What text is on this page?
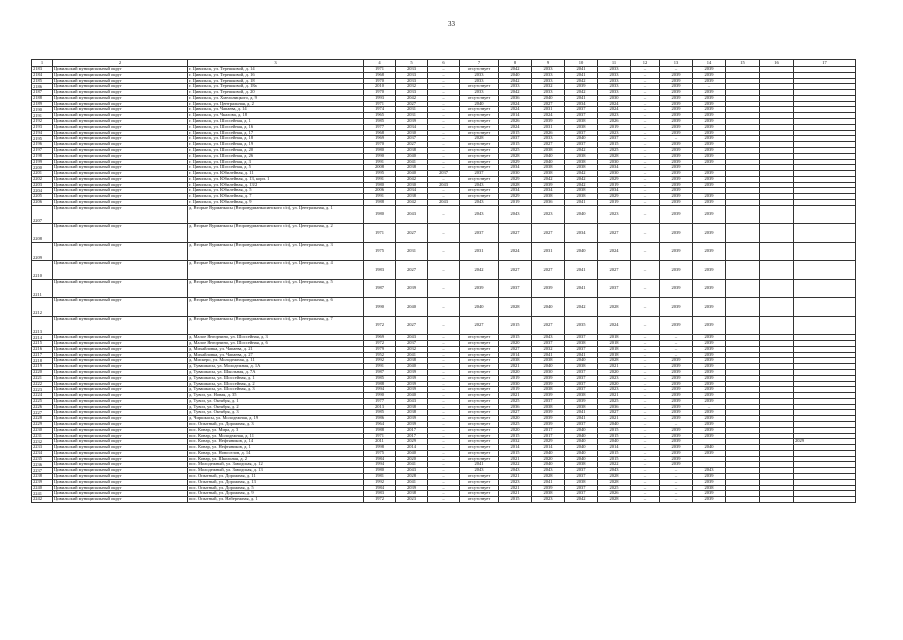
33
1	2	3	4	5	6	7	8	9	10	11	12	13	14	15	16	17
2183	Цивильский муниципальный округ	г. Цивильск, ул. Терешковой, д. 14	1971	2033	–	отсутствует	2042	2033	2041	2033	–	–	2039			
2184	Цивильский муниципальный округ	г. Цивильск, ул. Терешковой, д. 16	1968	2033	–	2033	2040	2033	2041	2033	–	2039	2039			
2185	Цивильский муниципальный округ	г. Цивильск, ул. Терешковой, д. 18	1970	2033	–	2033	2042	2033	2042	2033	–	2039	2039			
2186	Цивильский муниципальный округ	г. Цивильск, ул. Терешковой, д. 18а	2010	2032	–	отсутствует	2033	2032	2039	2033	–	2039	–			
2187	Цивильский муниципальный округ	г. Цивильск, ул. Терешковой, д. 20	1970	2033	–	2033	2042	2033	2042	2033	–	2039	2039			
2188	Цивильский муниципальный округ	г. Цивильск, ул. Хмельницкого, д. 9	1993	2042	–	отсутствует	2036	2040	2041	2030	–	2039	2039			
2189	Цивильский муниципальный округ	г. Цивильск, ул. Центральная, д. 2	1971	2027	–	2040	2024	2027	2034	2024	–	2039	2039			
2190	Цивильский муниципальный округ	г. Цивильск, ул. Чапаева, д. 14	1974	2031	–	отсутствует	2024	2031	2037	2024	–	2039	2039			
2191	Цивильский муниципальный округ	г. Цивильск, ул. Чкалова, д. 18	1965	2031	–	отсутствует	2014	2024	2037	2023	–	2039	2039			
2192	Цивильский муниципальный округ	г. Цивильск, ул. Шоссейная, д. 1	1985	2039	–	отсутствует	2026	2039	2038	2026	–	2039	2039			
2193	Цивильский муниципальный округ	г. Цивильск, ул. Шоссейная, д. 16	1977	2034	–	отсутствует	2024	2031	2038	2019	–	2039	2039			
2194	Цивильский муниципальный округ	г. Цивильск, ул. Шоссейная, д. 17	1968	2030	–	отсутствует	2015	2026	2037	2023	–	2039	2039			
2195	Цивильский муниципальный округ	г. Цивильск, ул. Шоссейная, д. 18	1969	2037	–	2028	2037	2033	2040	2037	–	–	2039			
2196	Цивильский муниципальный округ	г. Цивильск, ул. Шоссейная, д. 19	1970	2027	–	отсутствует	2015	2027	2037	2015	–	2039	2039			
2197	Цивильский муниципальный округ	г. Цивильск, ул. Шоссейная, д. 20	1980	2038	–	отсутствует	2025	2038	2042	2025	–	2039	2039			
2198	Цивильский муниципальный округ	г. Цивильск, ул. Шоссейная, д. 26	1990	2040	–	отсутствует	2028	2040	2038	2028	–	2039	2039			
2199	Цивильский муниципальный округ	г. Цивильск, ул. Шоссейная, д. 3	1991	2041	–	отсутствует	2029	2040	2038	2030	–	2039	2039			
2200	Цивильский муниципальный округ	г. Цивильск, ул. Шоссейная, д. 5	2008	2038	–	отсутствует	2034	2038	2038	2034	–	2039				
2201	Цивильский муниципальный округ	г. Цивильск, ул. Юбилейная, д. 11	1995	2040	2037	2037	2030	2038	2042	2030	–	2039	2039			
2202	Цивильский муниципальный округ	г. Цивильск, ул. Юбилейная, д. 13, корп. 1	1991	2042	–	отсутствует	2029	2042	2042	2029	–	2039	2039			
2203	Цивильский муниципальный округ	г. Цивильск, ул. Юбилейная, д. 13/2	1980	2030	2043	2043	2028	2039	2042	2019	–	2039	2039			
2204	Цивильский муниципальный округ	г. Цивильск, ул. Юбилейная, д. 5	2006	2034	–	отсутствует	2034	2034	2038	2034	–	2039				
2205	Цивильский муниципальный округ	г. Цивильск, ул. Юбилейная, д. 7	1991	2038	–	отсутствует	2029	2038	2038	2029	–	2039	2039			
2206	Цивильский муниципальный округ	г. Цивильск, ул. Юбилейная, д. 9	1988	2042	2043	2043	2019	2036	2041	2019	–	2039	2039			
2207	Цивильский муниципальный округ	д. Вторые Вурманкасы (Второвурманкасинского с/п), ул. Центральная, д. 1	1980	2043	–	2043	2043	2023	2040	2023	–	2039	2039			
2208	Цивильский муниципальный округ	д. Вторые Вурманкасы (Второвурманкасинского с/п), ул. Центральная, д. 2	1971	2027	–	2037	2027	2027	2034	2027	–	2039	2039			
2209	Цивильский муниципальный округ	д. Вторые Вурманкасы (Второвурманкасинского с/п), ул. Центральная, д. 3	1975	2031	–	2031	2024	2031	2040	2024	–	2039	2039			
2210	Цивильский муниципальный округ	д. Вторые Вурманкасы (Второвурманкасинского с/п), ул. Центральная, д. 4	1983	2027	–	2042	2027	2027	2041	2027	–	2039	2039			
2211	Цивильский муниципальный округ	д. Вторые Вурманкасы (Второвурманкасинского с/п), ул. Центральная, д. 5	1987	2039	–	2039	2037	2039	2041	2037	–	2039	2039			
2212	Цивильский муниципальный округ	д. Вторые Вурманкасы (Второвурманкасинского с/п), ул. Центральная, д. 6	1990	2040	–	2040	2028	2040	2042	2028	–	2039	2039			
2213	Цивильский муниципальный округ	д. Вторые Вурманкасы (Второвурманкасинского с/п), ул. Центральная, д. 7	1972	2027	–	2027	2015	2027	2035	2024	–	2039	2039			
2214	Цивильский муниципальный округ	д. Малое Янгорчино, ул. Шоссейная, д. 3	1969	2043	–	отсутствует	2015	2043	2037	2018	–	–	2039			
2215	Цивильский муниципальный округ	д. Малое Янгорчино, ул. Шоссейная, д. 6	1972	2037	–	отсутствует	2020	2037	2038	2018	–	–	2039			
2216	Цивильский муниципальный округ	д. Михайловка, ул. Чапаева, д. 21	1979	2032	–	отсутствует	2027	2032	2037	2018	–	–	2039			
2217	Цивильский муниципальный округ	д. Михайловка, ул. Чапаева, д. 27	1952	2041	–	отсутствует	2014	2041	2041	2018	–	–	2039			
2218	Цивильский муниципальный округ	д. Мискеро, ул. Молодежная, д. 11	1992	2038	–	отсутствует	2038	2038	2040	2028	–	2039	2039			
2219	Цивильский муниципальный округ	д. Тувашкасы, ул. Молодежная, д. 1А	1991	2040	–	отсутствует	2021	2040	2038	2021	–	2039	2039			
2220	Цивильский муниципальный округ	д. Тувашкасы, ул. Школьная, д. 7А	1987	2039	–	отсутствует	2020	2030	2037	2020	–	2039	2039			
2221	Цивильский муниципальный округ	д. Тувашкасы, ул. Шоссейная, д. 1	1985	2039	–	отсутствует	2019	2039	2037	2023	–	2039	2039			
2222	Цивильский муниципальный округ	д. Тувашкасы, ул. Шоссейная, д. 2	1988	2039	–	отсутствует	2030	2039	2037	2020	–	2039	2039			
2223	Цивильский муниципальный округ	д. Тувашкасы, ул. Шоссейная, д. 3	1994	2039	–	отсутствует	2019	2038	2037	2023	–	2039	2039			
2224	Цивильский муниципальный округ	д. Тувси, ул. Новая, д. 35	1990	2040	–	отсутствует	2021	2039	2038	2021	–	2039	2039			
2225	Цивильский муниципальный округ	д. Тувси, ул. Октября, д. 1	1977	2043	–	отсутствует	2025	2037	2039	2025	–	2039	2039			
2226	Цивильский муниципальный округ	д. Тувси, ул. Октября, д. 2	2013	2038	–	отсутствует	2036	2038	2038	2036	–	2039	–			
2227	Цивильский муниципальный округ	д. Тувси, ул. Октября, д. 3	1985	2038	–	отсутствует	2027	2039	2041	2027	–	2039	2039			
2228	Цивильский муниципальный округ	д. Чиршкасы, ул. Молодежная, д. 19	1986	2039	–	отсутствует	2020	2039	2041	2021	–	2039	2039			
2229	Цивильский муниципальный округ	пос. Опытный, ул. Дорожная, д. 3	1964	2039	–	отсутствует	2025	2039	2037	2040	–	–	2039			
2230	Цивильский муниципальный округ	пос. Конар, ул. Мира, д. 3	1988	2017	–	отсутствует	2020	2017	2040	2015	–	2039	2039			
2231	Цивильский муниципальный округ	пос. Конар, ул. Молодежная, д. 11	1971	2017	–	отсутствует	2015	2017	2040	2015	–	2039	2039			
2232	Цивильский муниципальный округ	пос. Конар, ул. Нефтяников, д. 14	2011	2029	–	отсутствует	2032	2029	2040	2040	–	2039				2029
2233	Цивильский муниципальный округ	пос. Конар, ул. Нефтяников, д. 1	1998	2014	–	отсутствует	2014	2014	2040	2014	–	2039	2040			
2234	Цивильский муниципальный округ	пос. Конар, ул. Новоселов, д. 14	1975	2040	–	отсутствует	2015	2040	2040	2015	–	2039	2039			
2235	Цивильский муниципальный округ	пос. Конар, ул. Школьная, д. 2	1984	2020	–	отсутствует	2021	2020	2040	2015	–	2039				
2236	Цивильский муниципальный округ	пос. Молодежный, ул. Заводская, д. 12	1994	2041	–	2041	2022	2040	2038	2022	–	2039				
2237	Цивильский муниципальный округ	пос. Молодежный, ул. Заводская, д. 13	1980	2043	–	2043	2043	2043	2037	2043	–	–	2043			
2238	Цивильский муниципальный округ	пос. Опытный, ул. Дорожная, д. 11	1981	2028	–	отсутствует	2021	2028	2037	2028	–	–	2039			
2239	Цивильский муниципальный округ	пос. Опытный, ул. Дорожная, д. 13	1992	2041	–	отсутствует	2023	2041	2038	2028	–	–	2039			
2240	Цивильский муниципальный округ	пос. Опытный, ул. Дорожная, д. 5	1984	2039	–	отсутствует	2021	2039	2037	2025	–	–	2038			
2241	Цивильский муниципальный округ	пос. Опытный, ул. Дорожная, д. 9	1983	2038	–	отсутствует	2021	2038	2037	2026	–	–	2039			
2242	Цивильский муниципальный округ	пос. Опытный, ул. Набережная, д. 1	1972	2023	–	отсутствует	2015	2023	2042	2028	–	–	2039			
